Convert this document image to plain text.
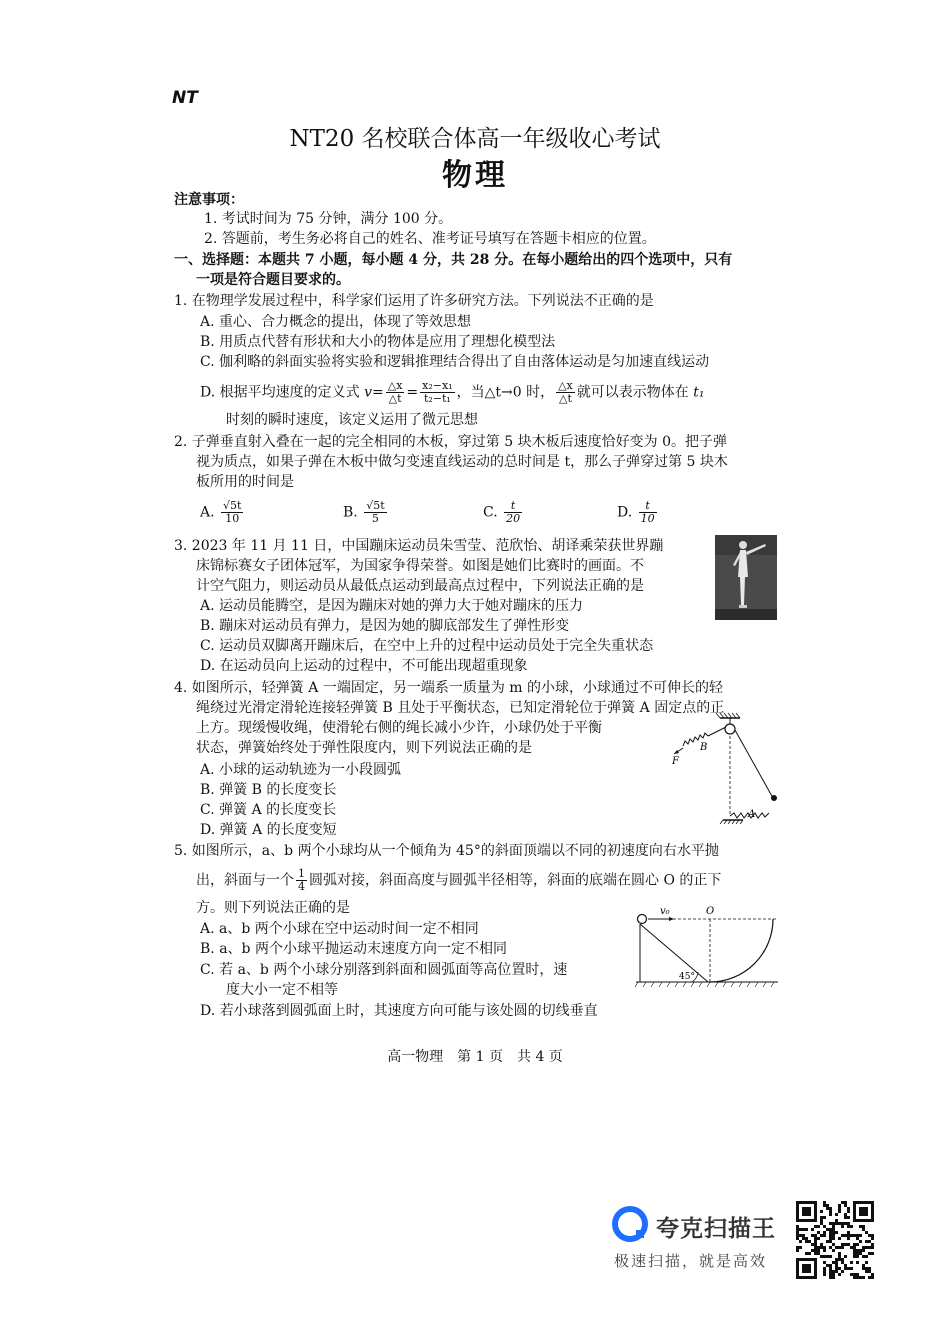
NT
NT20 名校联合体高一年级收心考试
物理
注意事项：
1. 考试时间为 75 分钟，满分 100 分。
2. 答题前，考生务必将自己的姓名、准考证号填写在答题卡相应的位置。
一、选择题：本题共 7 小题，每小题 4 分，共 28 分。在每小题给出的四个选项中，只有
一项是符合题目要求的。
1. 在物理学发展过程中，科学家们运用了许多研究方法。下列说法不正确的是
A. 重心、合力概念的提出，体现了等效思想
B. 用质点代替有形状和大小的物体是应用了理想化模型法
C. 伽利略的斜面实验将实验和逻辑推理结合得出了自由落体运动是匀加速直线运动
D. 根据平均速度的定义式 $v= \frac{\triangle x}{\triangle t} = \frac{\text{x₂−x₁}}{\text{t₂−t₁}}$ ，当△t→0 时， $\frac{\triangle x}{\triangle t}$ 就可以表示物体在 t₁
时刻的瞬时速度，该定义运用了微元思想
2. 子弹垂直射入叠在一起的完全相同的木板，穿过第 5 块木板后速度恰好变为 0。把子弹
视为质点，如果子弹在木板中做匀变速直线运动的总时间是 t，那么子弹穿过第 5 块木
板所用的时间是
A. $\frac{√5t}{10}$	B. $\frac{√5t}{5}$	C. $\frac{t}{20}$	D. $\frac{t}{10}$
3. 2023 年 11 月 11 日，中国蹦床运动员朱雪莹、范欣怡、胡译乘荣获世界蹦
床锦标赛女子团体冠军，为国家争得荣誉。如图是她们比赛时的画面。不
计空气阻力，则运动员从最低点运动到最高点过程中，下列说法正确的是
A. 运动员能腾空，是因为蹦床对她的弹力大于她对蹦床的压力
B. 蹦床对运动员有弹力，是因为她的脚底部发生了弹性形变
C. 运动员双脚离开蹦床后，在空中上升的过程中运动员处于完全失重状态
D. 在运动员向上运动的过程中，不可能出现超重现象
4. 如图所示，轻弹簧 A 一端固定，另一端系一质量为 m 的小球，小球通过不可伸长的轻
绳绕过光滑定滑轮连接轻弹簧 B 且处于平衡状态，已知定滑轮位于弹簧 A 固定点的正
上方。现缓慢收绳，使滑轮右侧的绳长减小少许，小球仍处于平衡
状态，弹簧始终处于弹性限度内，则下列说法正确的是
A. 小球的运动轨迹为一小段圆弧
B. 弹簧 B 的长度变长
C. 弹簧 A 的长度变长
D. 弹簧 A 的长度变短
B
F
A
5. 如图所示，a、b 两个小球均从一个倾角为 45°的斜面顶端以不同的初速度向右水平抛
出，斜面与一个 $\frac{1}{4}$ 圆弧对接，斜面高度与圆弧半径相等，斜面的底端在圆心 O 的正下
方。则下列说法正确的是
A. a、b 两个小球在空中运动时间一定不相同
B. a、b 两个小球平抛运动末速度方向一定不相同
C. 若 a、b 两个小球分别落到斜面和圆弧面等高位置时，速
度大小一定不相等
D. 若小球落到圆弧面上时，其速度方向可能与该处圆的切线垂直
v₀	O
45°
高一物理　第 1 页　共 4 页
夸克扫描王
极速扫描，就是高效
